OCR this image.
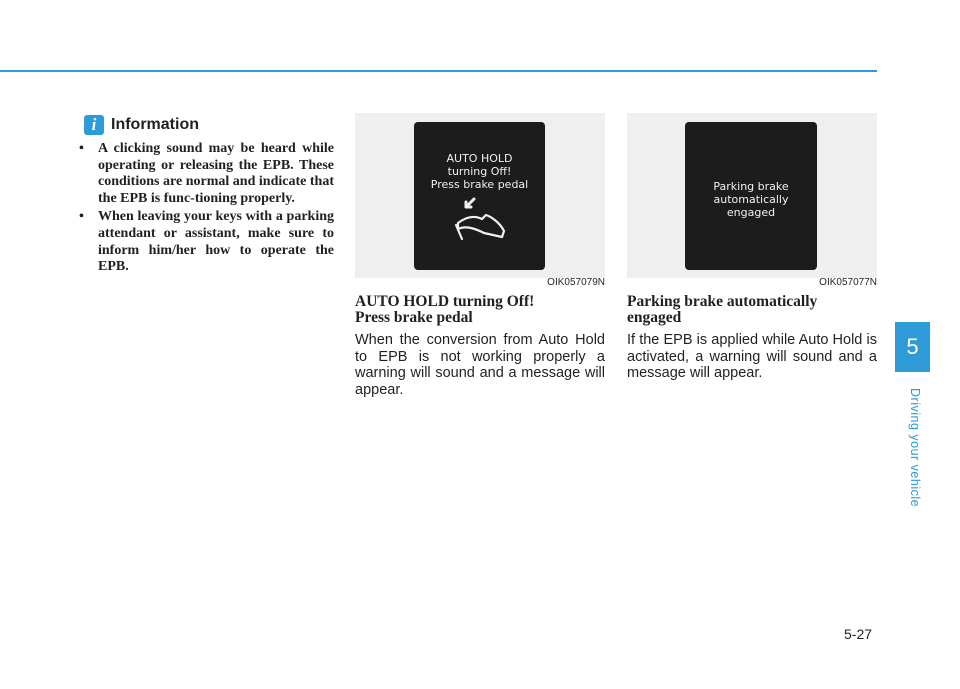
i Information
• A clicking sound may be heard while operating or releasing the EPB. These conditions are normal and indicate that the EPB is func-tioning properly.
• When leaving your keys with a parking attendant or assistant, make sure to inform him/her how to operate the EPB.
AUTO HOLD
turning Off!
Press brake pedal
OIK057079N
AUTO HOLD turning Off!
Press brake pedal
When the conversion from Auto Hold to EPB is not working properly a warning will sound and a message will appear.
Parking brake
automatically
engaged
OIK057077N
Parking brake automatically
engaged
If the EPB is applied while Auto Hold is activated, a warning will sound and a message will appear.
5
Driving your vehicle
5-27
